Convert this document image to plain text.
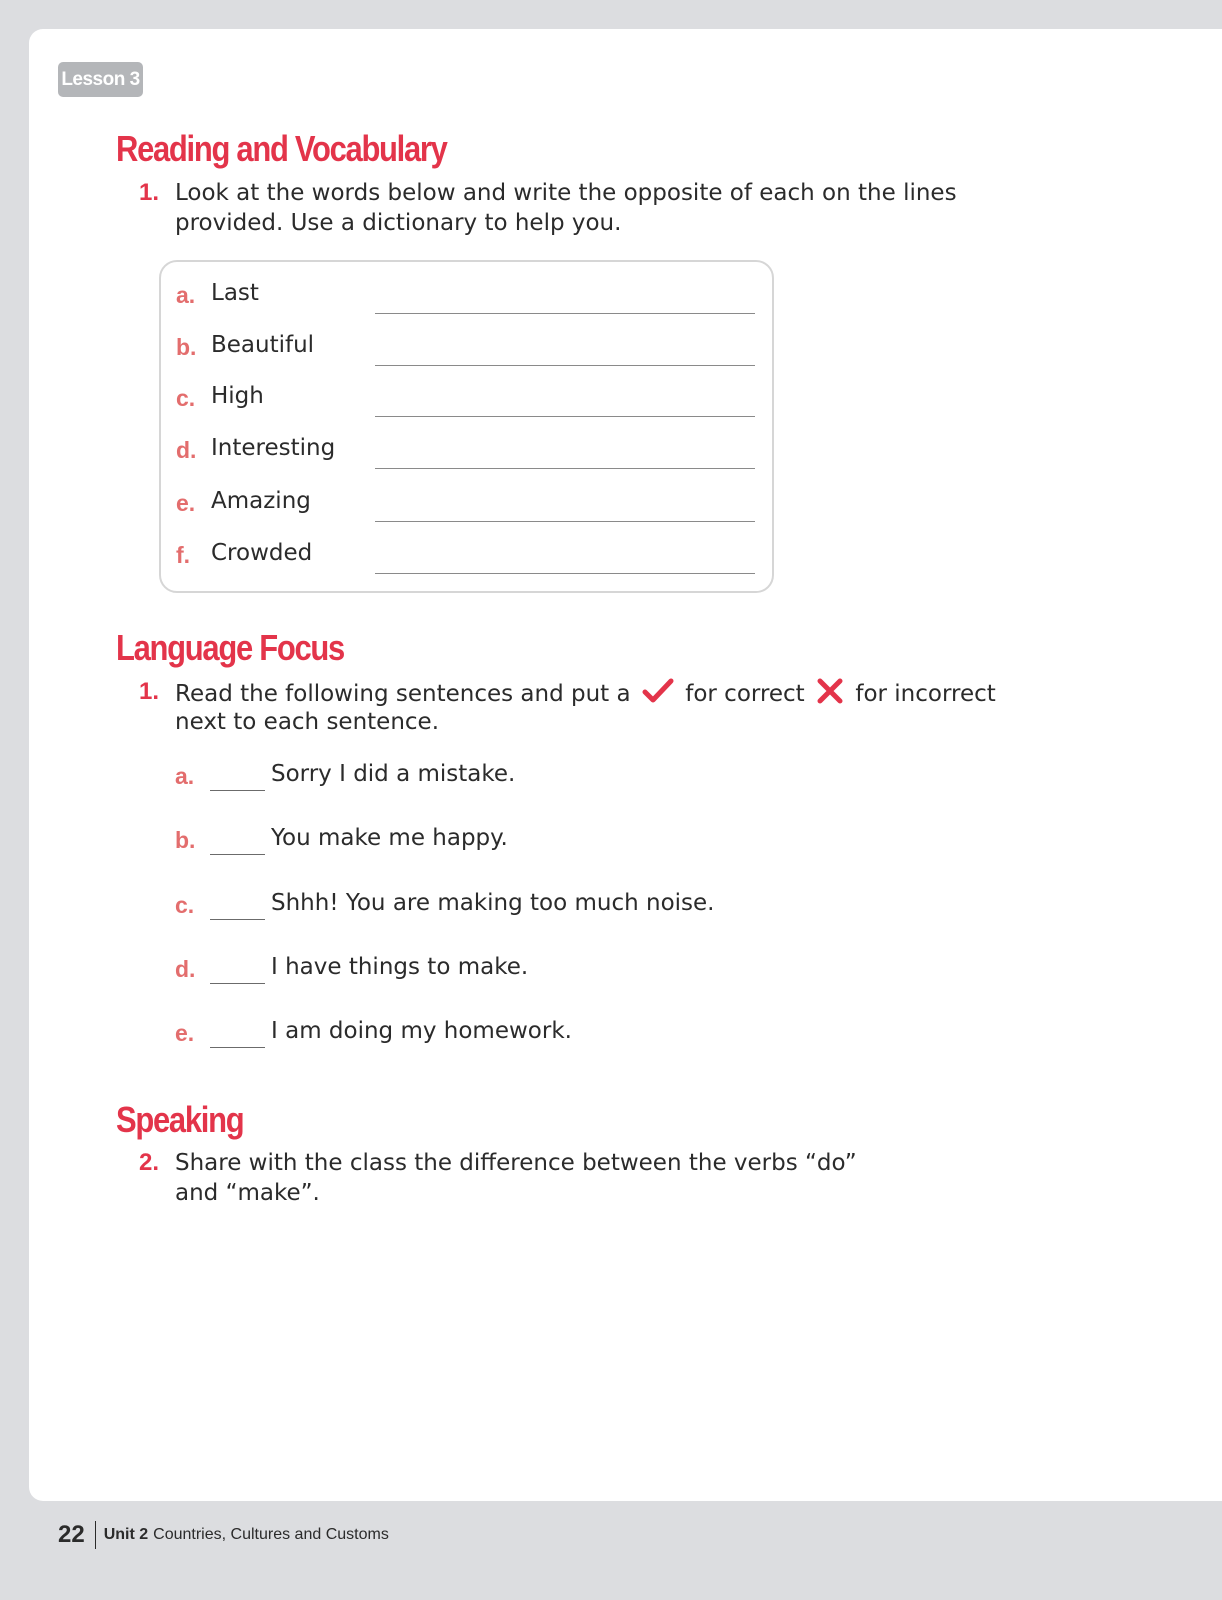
Lesson 3
Reading and Vocabulary
1. Look at the words below and write the opposite of each on the lines
provided. Use a dictionary to help you.
a. Last
b. Beautiful
c. High
d. Interesting
e. Amazing
f. Crowded
Language Focus
1. Read the following sentences and put a for correct for incorrect
next to each sentence.
a.	Sorry I did a mistake.
b.	You make me happy.
c.	Shhh! You are making too much noise.
d.	I have things to make.
e.	I am doing my homework.
Speaking
2. Share with the class the difference between the verbs “do”
and “make”.
22 Unit 2 Countries, Cultures and Customs
